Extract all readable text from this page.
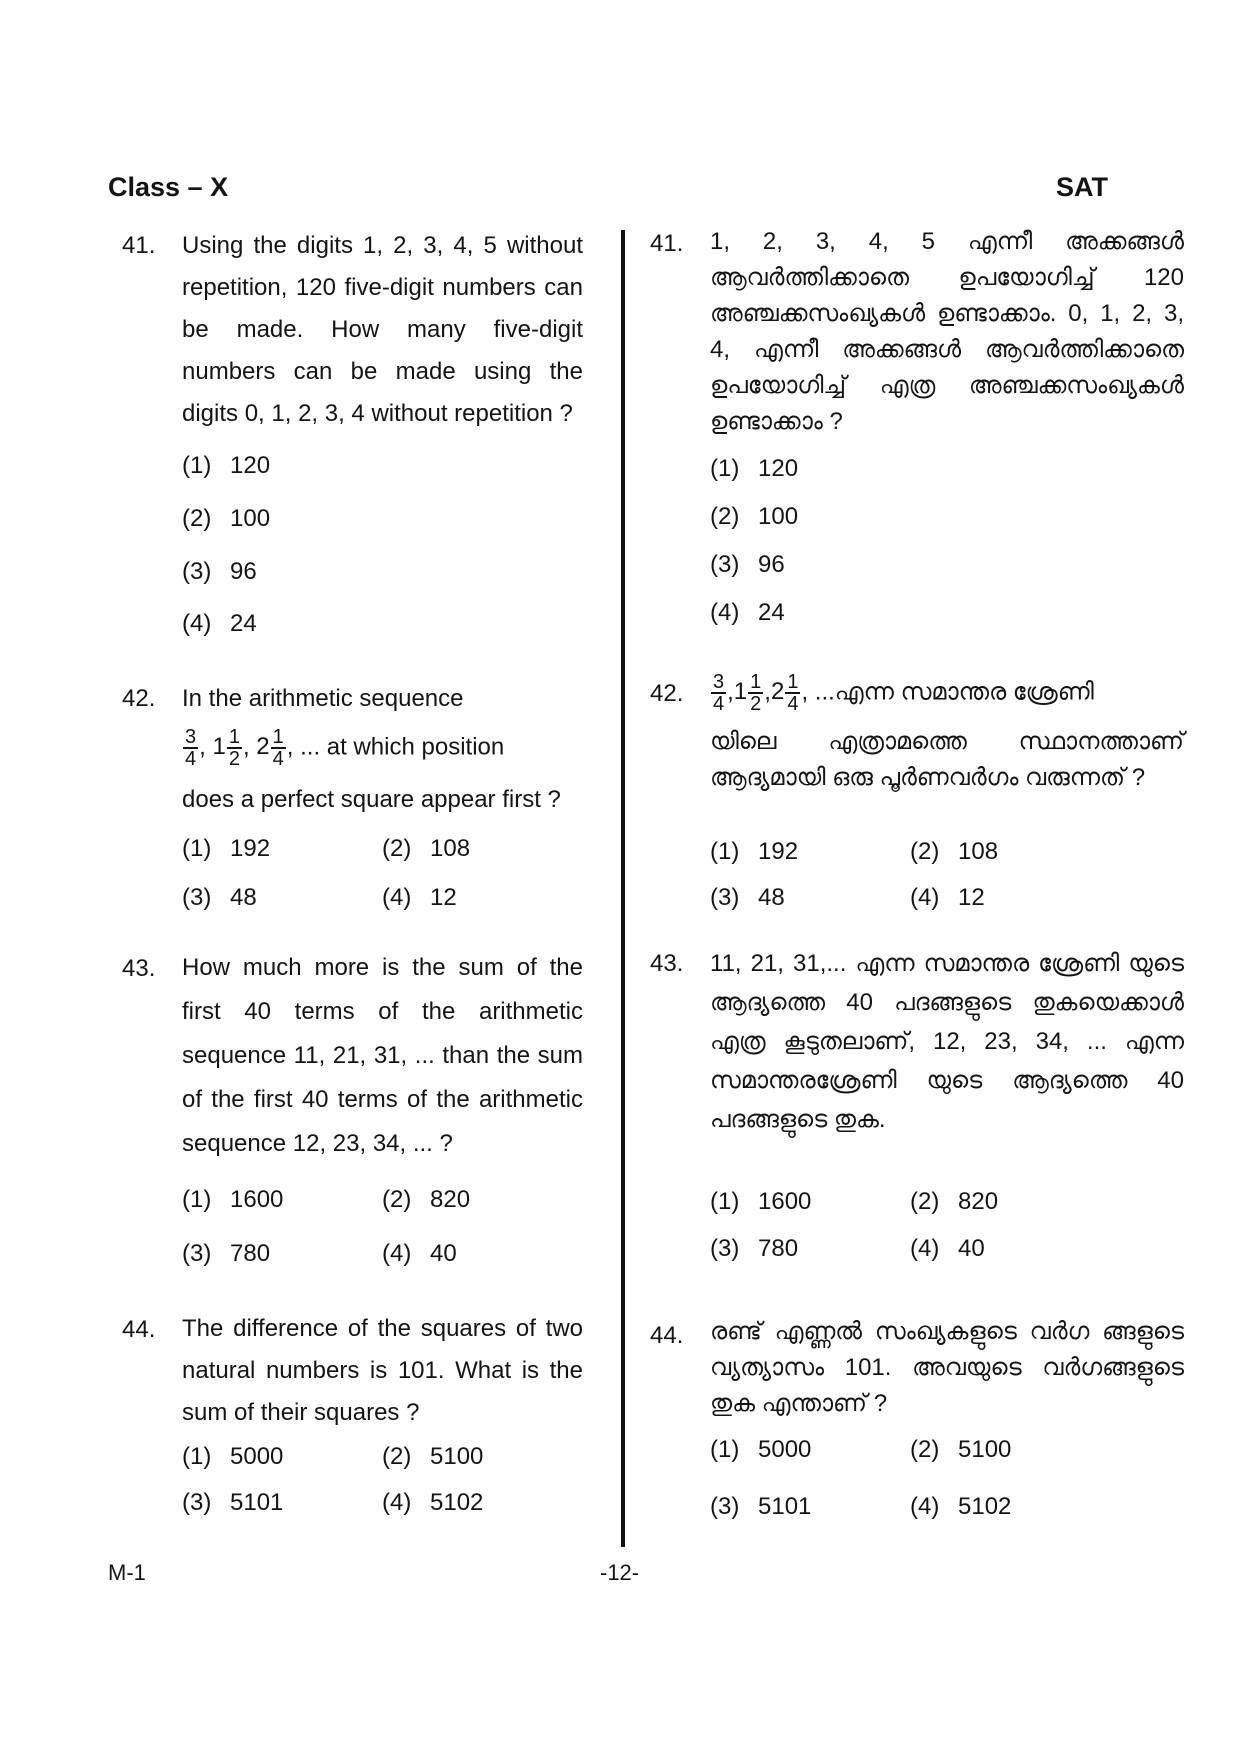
Class – X	SAT
41. Using the digits 1, 2, 3, 4, 5 without repetition, 120 five-digit numbers can be made. How many five-digit numbers can be made using the digits 0, 1, 2, 3, 4 without repetition ?
(1) 120
(2) 100
(3) 96
(4) 24
42. In the arithmetic sequence
$\frac{3}{4}$ , $1 \frac{1}{2}$ , $2 \frac{1}{4}$ , ... at which position
does a perfect square appear first ?
(1) 192	(2) 108
(3) 48	(4) 12
43. How much more is the sum of the first 40 terms of the arithmetic sequence 11, 21, 31, ... than the sum of the first 40 terms of the arithmetic sequence 12, 23, 34, ... ?
(1) 1600	(2) 820
(3) 780	(4) 40
44. The difference of the squares of two natural numbers is 101. What is the sum of their squares ?
(1) 5000	(2) 5100
(3) 5101	(4) 5102
41. 1, 2, 3, 4, 5 എന്നീ അക്കങ്ങൾ ആവർത്തിക്കാതെ ഉപയോഗിച്ച് 120 അഞ്ചക്കസംഖ്യകൾ ഉണ്ടാക്കാം. 0, 1, 2, 3, 4, എന്നീ അക്കങ്ങൾ ആവർത്തിക്കാതെ ഉപയോഗിച്ച് എത്ര അഞ്ചക്കസംഖ്യകൾ ഉണ്ടാക്കാം ?
(1) 120
(2) 100
(3) 96
(4) 24
42. $\frac{3}{4} ,1 \frac{1}{2} ,2 \frac{1}{4}$ , ...എന്ന സമാന്തര ശ്രേണി
യിലെ എത്രാമത്തെ സ്ഥാനത്താണ് ആദ്യമായി ഒരു പൂർണവർഗം വരുന്നത് ?
(1) 192	(2) 108
(3) 48	(4) 12
43. 11, 21, 31,... എന്ന സമാന്തര ശ്രേണി യുടെ ആദ്യത്തെ 40 പദങ്ങളുടെ തുകയെക്കാൾ എത്ര കൂടുതലാണ്, 12, 23, 34, ... എന്ന സമാന്തരശ്രേണി യുടെ ആദ്യത്തെ 40 പദങ്ങളുടെ തുക.
(1) 1600	(2) 820
(3) 780	(4) 40
44. രണ്ട് എണ്ണൽ സംഖ്യകളുടെ വർഗ ങ്ങളുടെ വ്യത്യാസം 101. അവയുടെ വർഗങ്ങളുടെ തുക എന്താണ് ?
(1) 5000	(2) 5100
(3) 5101	(4) 5102
M-1	-12-
